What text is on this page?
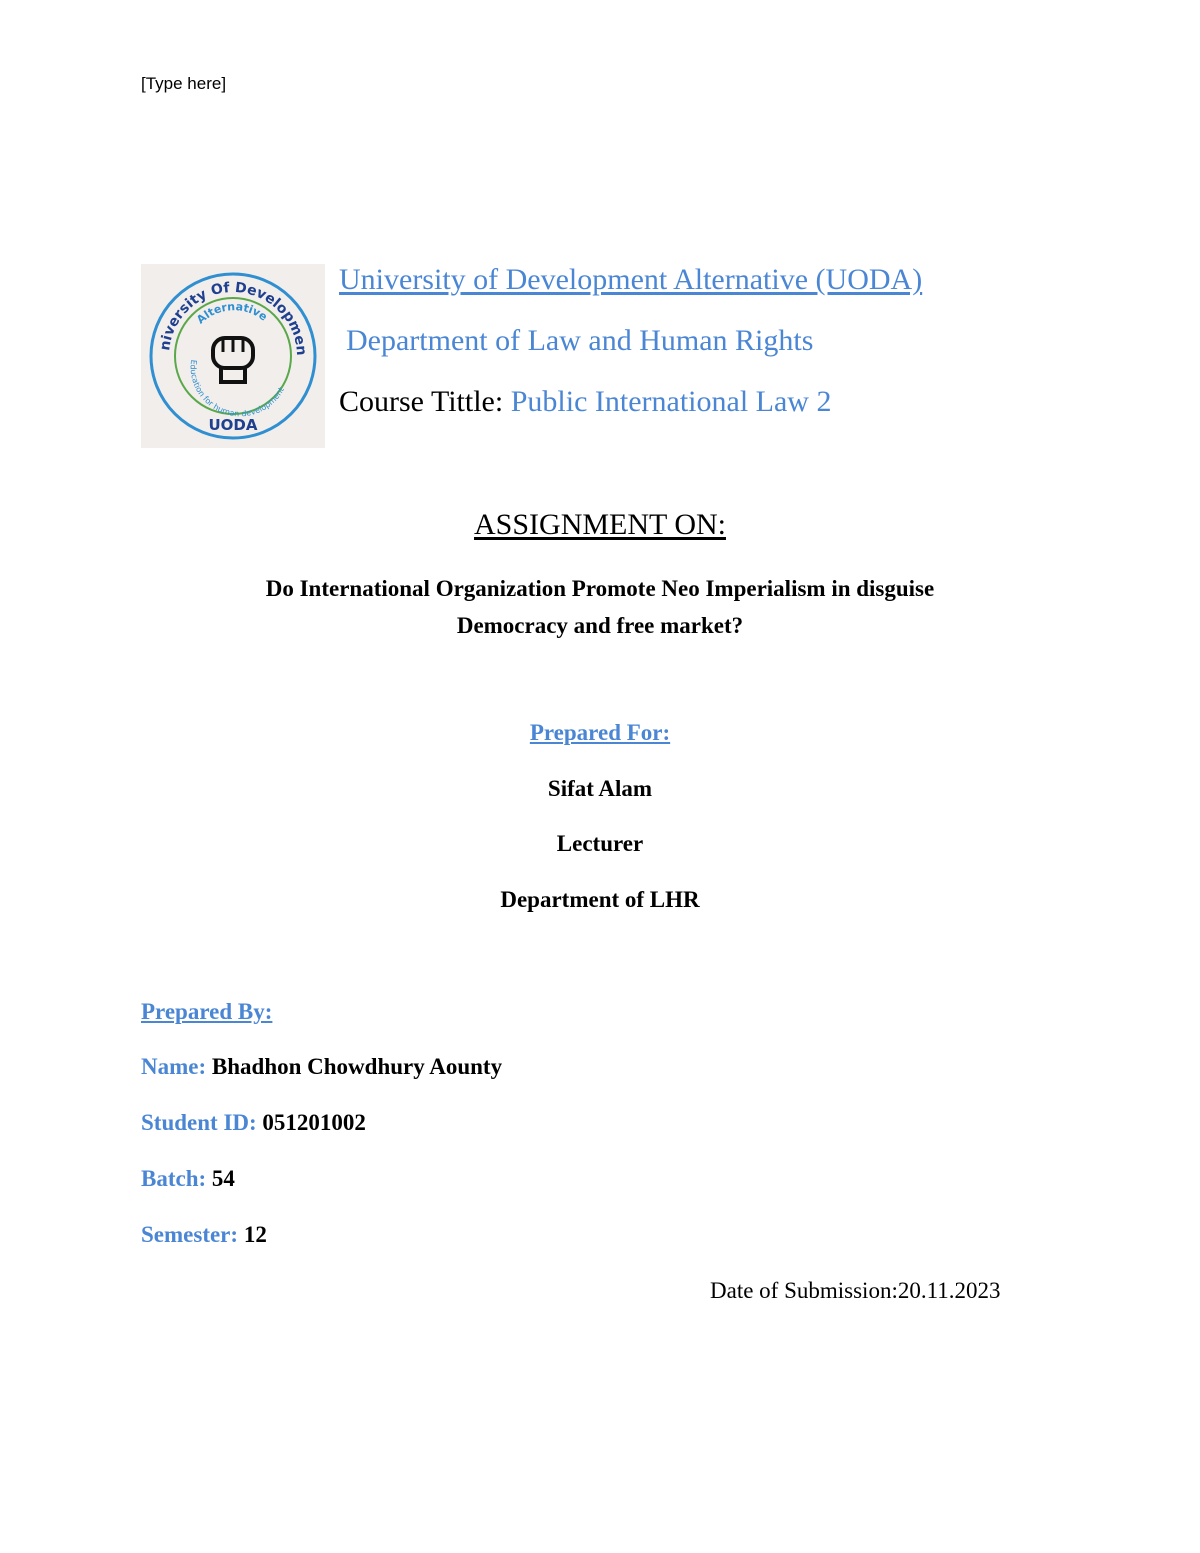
[Type here]
niversity Of Developmen
Alternative
Education for human development
UODA
University of Development Alternative (UODA)
Department of Law and Human Rights
Course Tittle: Public International Law 2
ASSIGNMENT ON:
Do International Organization Promote Neo Imperialism in disguise
Democracy and free market?
Prepared For:
Sifat Alam
Lecturer
Department of LHR
Prepared By:
Name: Bhadhon Chowdhury Aounty
Student ID: 051201002
Batch: 54
Semester: 12
Date of Submission:20.11.2023
